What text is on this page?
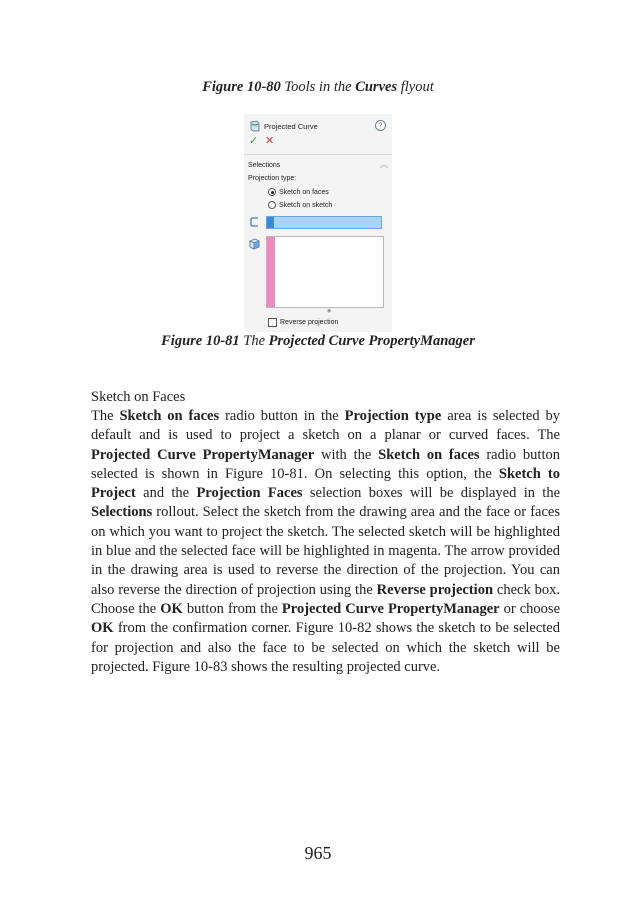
Figure 10-80 Tools in the Curves flyout
Projected Curve	?
✓ ✕
Selections	︿
Projection type:
Sketch on faces
Sketch on sketch
◉
Reverse projection
Figure 10-81 The Projected Curve PropertyManager
Sketch on Faces
The Sketch on faces radio button in the Projection type area is selected by default and is used to project a sketch on a planar or curved faces. The Projected Curve PropertyManager with the Sketch on faces radio button selected is shown in Figure 10-81. On selecting this option, the Sketch to Project and the Projection Faces selection boxes will be displayed in the Selections rollout. Select the sketch from the drawing area and the face or faces on which you want to project the sketch. The selected sketch will be highlighted in blue and the selected face will be highlighted in magenta. The arrow provided in the drawing area is used to reverse the direction of the projection. You can also reverse the direction of projection using the Reverse projection check box. Choose the OK button from the Projected Curve PropertyManager or choose OK from the confirmation corner. Figure 10-82 shows the sketch to be selected for projection and also the face to be selected on which the sketch will be projected. Figure 10-83 shows the resulting projected curve.
965
